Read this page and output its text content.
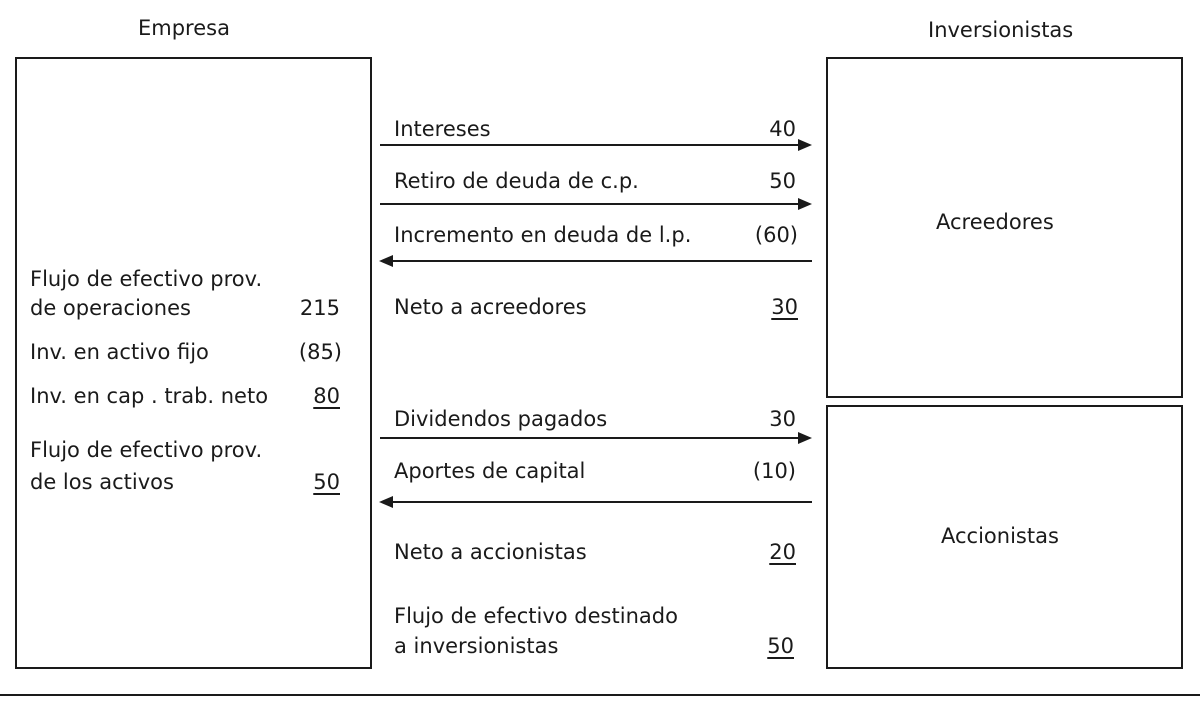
Empresa	Inversionistas
Flujo de efectivo prov.
de operaciones	215
Inv. en activo fijo	(85)
Inv. en cap . trab. neto	80
Flujo de efectivo prov.
de los activos	50
Acreedores
Accionistas
Intereses	40
Retiro de deuda de c.p.	50
Incremento en deuda de l.p.	(60)
Neto a acreedores	30
Dividendos pagados	30
Aportes de capital	(10)
Neto a accionistas	20
Flujo de efectivo destinado
a inversionistas	50
